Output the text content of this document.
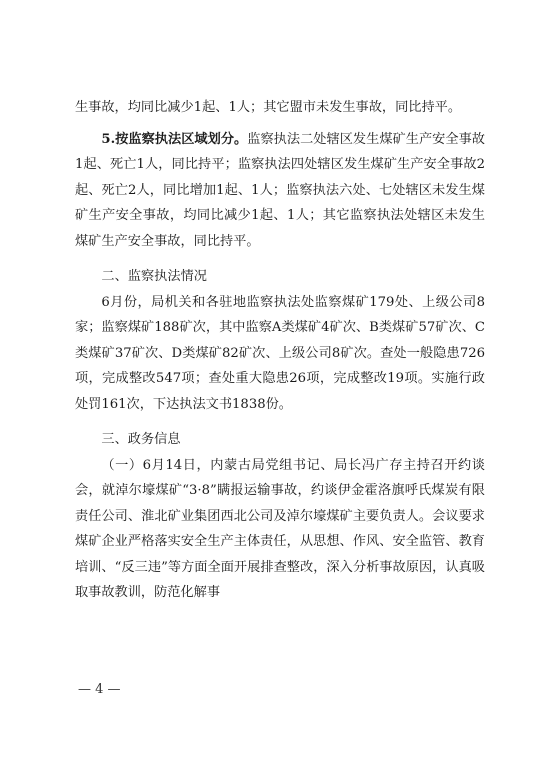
生事故，均同比减少1起、1人；其它盟市未发生事故，同比持平。

5.按监察执法区域划分。监察执法二处辖区发生煤矿生产安全事故1起、死亡1人，同比持平；监察执法四处辖区发生煤矿生产安全事故2起、死亡2人，同比增加1起、1人；监察执法六处、七处辖区未发生煤矿生产安全事故，均同比减少1起、1人；其它监察执法处辖区未发生煤矿生产安全事故，同比持平。

二、监察执法情况

6月份，局机关和各驻地监察执法处监察煤矿179处、上级公司8家；监察煤矿188矿次，其中监察A类煤矿4矿次、B类煤矿57矿次、C类煤矿37矿次、D类煤矿82矿次、上级公司8矿次。查处一般隐患726项，完成整改547项；查处重大隐患26项，完成整改19项。实施行政处罚161次，下达执法文书1838份。

三、政务信息

（一）6月14日，内蒙古局党组书记、局长冯广存主持召开约谈会，就淖尔壕煤矿“3·8”瞒报运输事故，约谈伊金霍洛旗呼氏煤炭有限责任公司、淮北矿业集团西北公司及淖尔壕煤矿主要负责人。会议要求煤矿企业严格落实安全生产主体责任，从思想、作风、安全监管、教育培训、“反三违”等方面全面开展排查整改，深入分析事故原因，认真吸取事故教训，防范化解事

— 4 —
